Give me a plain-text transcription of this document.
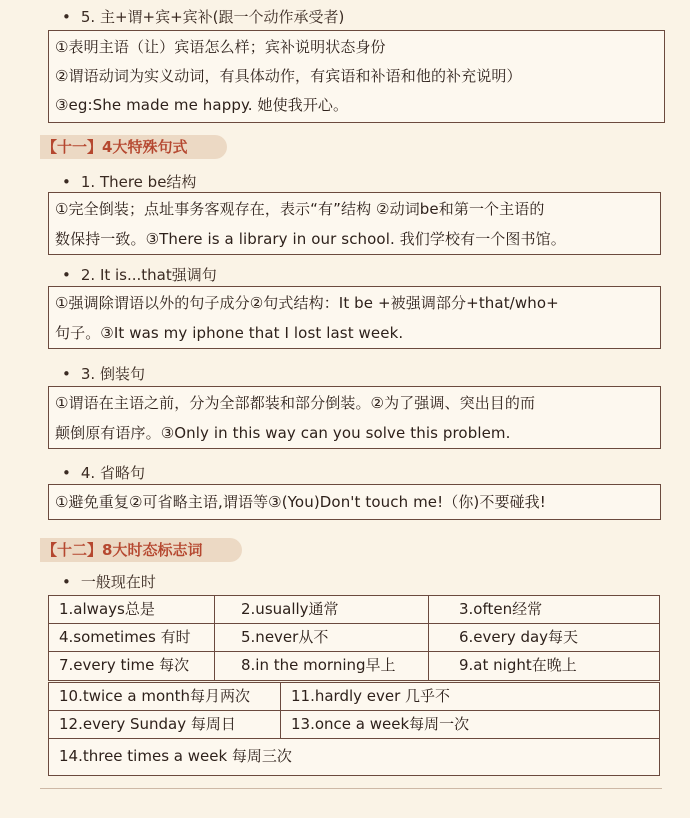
• 5. 主+谓+宾+宾补(跟一个动作承受者)
①表明主语（让）宾语怎么样；宾补说明状态身份
②谓语动词为实义动词，有具体动作，有宾语和补语和他的补充说明）
③eg:She made me happy. 她使我开心。
【十一】4大特殊句式
• 1. There be结构
①完全倒装；点址事务客观存在，表示“有”结构 ②动词be和第一个主语的
数保持一致。③There is a library in our school. 我们学校有一个图书馆。
• 2. It is...that强调句
①强调除谓语以外的句子成分②句式结构：It be +被强调部分+that/who+
句子。③It was my iphone that I lost last week.
• 3. 倒装句
①谓语在主语之前，分为全部都装和部分倒装。②为了强调、突出目的而
颠倒原有语序。③Only in this way can you solve this problem.
• 4. 省略句
①避免重复②可省略主语,谓语等③(You)Don't touch me!（你)不要碰我!
【十二】8大时态标志词
• 一般现在时
1.always总是	2.usually通常	3.often经常
4.sometimes 有时	5.never从不	6.every day每天
7.every time 每次	8.in the morning早上	9.at night在晚上
10.twice a month每月两次	11.hardly ever 几乎不
12.every Sunday 每周日	13.once a week每周一次
14.three times a week 每周三次
